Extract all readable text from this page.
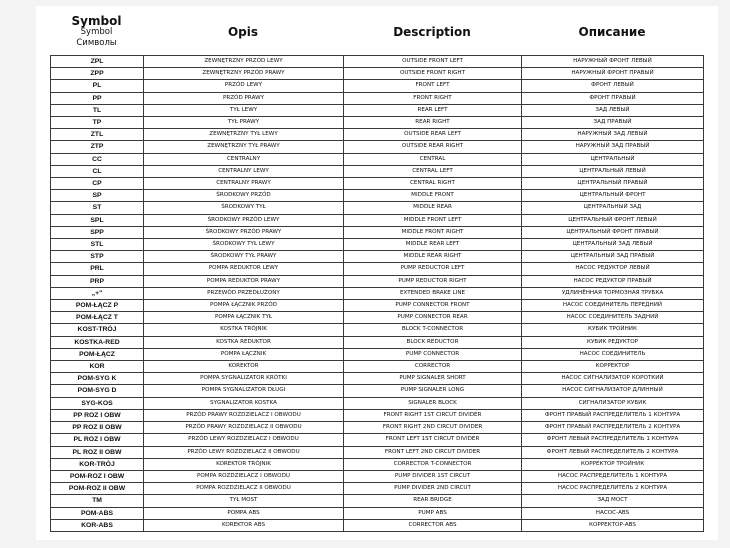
Symbol
Symbol
Символы
Opis	Description	Описание
ZPL	ZEWNĘTRZNY PRZÓD LEWY	OUTSIDE FRONT LEFT	НАРУЖНЫЙ ФРОНТ ЛЕВЫЙ
ZPP	ZEWNĘTRZNY PRZÓD PRAWY	OUTSIDE FRONT RIGHT	НАРУЖНЫЙ ФРОНТ ПРАВЫЙ
PL	PRZÓD LEWY	FRONT LEFT	ФРОНТ ЛЕВЫЙ
PP	PRZÓD PRAWY	FRONT RIGHT	ФРОНТ ПРАВЫЙ
TL	TYŁ LEWY	REAR LEFT	ЗАД ЛЕВЫЙ
TP	TYŁ PRAWY	REAR RIGHT	ЗАД ПРАВЫЙ
ZTL	ZEWNĘTRZNY TYŁ LEWY	OUTSIDE REAR LEFT	НАРУЖНЫЙ ЗАД ЛЕВЫЙ
ZTP	ZEWNĘTRZNY TYŁ PRAWY	OUTSIDE REAR RIGHT	НАРУЖНЫЙ ЗАД ПРАВЫЙ
CC	CENTRALNY	CENTRAL	ЦЕНТРАЛЬНЫЙ
CL	CENTRALNY LEWY	CENTRAL LEFT	ЦЕНТРАЛЬНЫЙ ЛЕВЫЙ
CP	CENTRALNY PRAWY	CENTRAL RIGHT	ЦЕНТРАЛЬНЫЙ ПРАВЫЙ
SP	ŚRODKOWY PRZÓD	MIDDLE FRONT	ЦЕНТРАЛЬНЫЙ ФРОНТ
ST	ŚRODKOWY TYŁ	MIDDLE REAR	ЦЕНТРАЛЬНЫЙ ЗАД
SPL	ŚRODKOWY PRZÓD LEWY	MIDDLE FRONT LEFT	ЦЕНТРАЛЬНЫЙ ФРОНТ ЛЕВЫЙ
SPP	ŚRODKOWY PRZÓD PRAWY	MIDDLE FRONT RIGHT	ЦЕНТРАЛЬНЫЙ ФРОНТ ПРАВЫЙ
STL	ŚRODKOWY TYŁ LEWY	MIDDLE REAR LEFT	ЦЕНТРАЛЬНЫЙ ЗАД ЛЕВЫЙ
STP	ŚRODKOWY TYŁ PRAWY	MIDDLE REAR RIGHT	ЦЕНТРАЛЬНЫЙ ЗАД ПРАВЫЙ
PRL	POMPA REDUKTOR LEWY	PUMP REDUCTOR LEFT	НАСОС РЕДУКТОР ЛЕВЫЙ
PRP	POMPA REDUKTOR PRAWY	PUMP REDUCTOR RIGHT	НАСОС РЕДУКТОР ПРАВЫЙ
„+"	PRZEWÓD PRZEDŁUŻONY	EXTENDED BRAKE LINE	УДЛИНЁННАЯ ТОРМОЗНАЯ ТРУБКА
POM-ŁĄCZ P	POMPA ŁĄCZNIK PRZÓD	PUMP CONNECTOR FRONT	НАСОС СОЕДИНИТЕЛЬ ПЕРЕДНИЙ
POM-ŁĄCZ T	POMPA ŁĄCZNIK TYŁ	PUMP CONNECTOR REAR	НАСОС СОЕДИНИТЕЛЬ ЗАДНИЙ
KOST-TRÓJ	KOSTKA TRÓJNIK	BLOCK T-CONNECTOR	КУБИК ТРОЙНИК
KOSTKA-RED	KOSTKA REDUKTOR	BLOCK REDUCTOR	КУБИК РЕДУКТОР
POM-ŁĄCZ	POMPA ŁĄCZNIK	PUMP CONNECTOR	НАСОС СОЕДИНИТЕЛЬ
KOR	KOREKTOR	CORRECTOR	КОРРЕКТОР
POM-SYG K	POMPA SYGNALIZATOR KRÓTKI	PUMP SIGNALER SHORT	НАСОС СИГНАЛИЗАТОР КОРОТКИЙ
POM-SYG D	POMPA SYGNALIZATOR DŁUGI	PUMP SIGNALER LONG	НАСОС СИГНАЛИЗАТОР ДЛИННЫЙ
SYG-KOS	SYGNALIZATOR KOSTKA	SIGNALER BLOCK	СИГНАЛИЗАТОР КУБИК
PP ROZ I OBW	PRZÓD PRAWY ROZDZIELACZ I OBWODU	FRONT RIGHT 1ST CIRCUT DIVIDER	ФРОНТ ПРАВЫЙ РАСПРЕДЕЛИТЕЛЬ 1 КОНТУРА
PP ROZ II OBW	PRZÓD PRAWY ROZDZIELACZ II OBWODU	FRONT RIGHT 2ND CIRCUT DIVIDER	ФРОНТ ПРАВЫЙ РАСПРЕДЕЛИТЕЛЬ 2 КОНТУРА
PL ROZ I OBW	PRZÓD LEWY ROZDZIELACZ I OBWODU	FRONT LEFT 1ST CIRCUT DIVIDER	ФРОНТ ЛЕВЫЙ РАСПРЕДЕЛИТЕЛЬ 1 КОНТУРА
PL ROZ II OBW	PRZÓD LEWY ROZDZIELACZ II OBWODU	FRONT LEFT 2ND CIRCUT DIVIDER	ФРОНТ ЛЕВЫЙ РАСПРЕДЕЛИТЕЛЬ 2 КОНТУРА
KOR-TRÓJ	KOREKTOR TRÓJNIK	CORRECTOR T-CONNECTOR	КОРРЕКТОР ТРОЙНИК
POM-ROZ I OBW	POMPA ROZDZIELACZ I OBWODU	PUMP DIVIDER 1ST CIRCUT	НАСОС РАСПРЕДЕЛИТЕЛЬ 1 КОНТУРА
POM-ROZ II OBW	POMPA ROZDZIELACZ II OBWODU	PUMP DIVIDER 2ND CIRCUT	НАСОС РАСПРЕДЕЛИТЕЛЬ 2 КОНТУРА
TM	TYŁ MOST	REAR BRIDGE	ЗАД МОСТ
POM-ABS	POMPA ABS	PUMP ABS	НАСОС-ABS
KOR-ABS	KOREKTOR ABS	CORRECTOR ABS	КОРРЕКТОР-ABS
